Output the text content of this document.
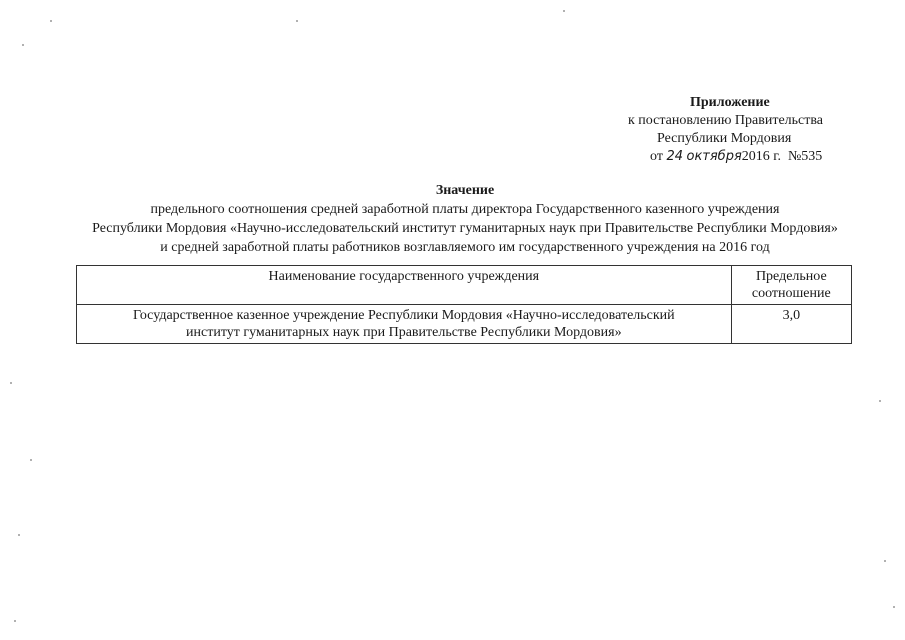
Приложение
к постановлению Правительства
Республики Мордовия
от 24 октября2016 г. №535
Значение
предельного соотношения средней заработной платы директора Государственного казенного учреждения
Республики Мордовия «Научно-исследовательский институт гуманитарных наук при Правительстве Республики Мордовия»
и средней заработной платы работников возглавляемого им государственного учреждения на 2016 год
Наименование государственного учреждения	Предельное
соотношение

Государственное казенное учреждение Республики Мордовия «Научно-исследовательский
институт гуманитарных наук при Правительстве Республики Мордовия»	3,0
